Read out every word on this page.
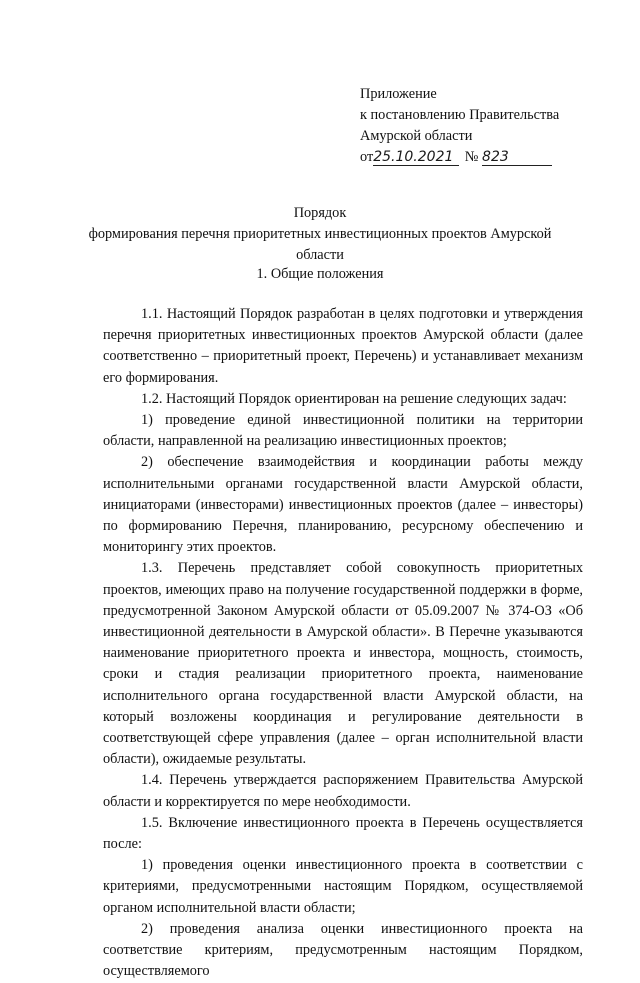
Приложение
к постановлению Правительства
Амурской области
от25.10.2021 № 823
Порядок
формирования перечня приоритетных инвестиционных проектов Амурской
области
1. Общие положения

1.1. Настоящий Порядок разработан в целях подготовки и утверждения перечня приоритетных инвестиционных проектов Амурской области (далее соответственно – приоритетный проект, Перечень) и устанавливает механизм его формирования.

1.2. Настоящий Порядок ориентирован на решение следующих задач:

1) проведение единой инвестиционной политики на территории области, направленной на реализацию инвестиционных проектов;

2) обеспечение взаимодействия и координации работы между исполнительными органами государственной власти Амурской области, инициаторами (инвесторами) инвестиционных проектов (далее – инвесторы) по формированию Перечня, планированию, ресурсному обеспечению и мониторингу этих проектов.

1.3. Перечень представляет собой совокупность приоритетных проектов, имеющих право на получение государственной поддержки в форме, предусмотренной Законом Амурской области от 05.09.2007 № 374-ОЗ «Об инвестиционной деятельности в Амурской области». В Перечне указываются наименование приоритетного проекта и инвестора, мощность, стоимость, сроки и стадия реализации приоритетного проекта, наименование исполнительного органа государственной власти Амурской области, на который возложены координация и регулирование деятельности в соответствующей сфере управления (далее – орган исполнительной власти области), ожидаемые результаты.

1.4. Перечень утверждается распоряжением Правительства Амурской области и корректируется по мере необходимости.

1.5. Включение инвестиционного проекта в Перечень осуществляется после:

1) проведения оценки инвестиционного проекта в соответствии с критериями, предусмотренными настоящим Порядком, осуществляемой органом исполнительной власти области;

2) проведения анализа оценки инвестиционного проекта на соответствие критериям, предусмотренным настоящим Порядком, осуществляемого
